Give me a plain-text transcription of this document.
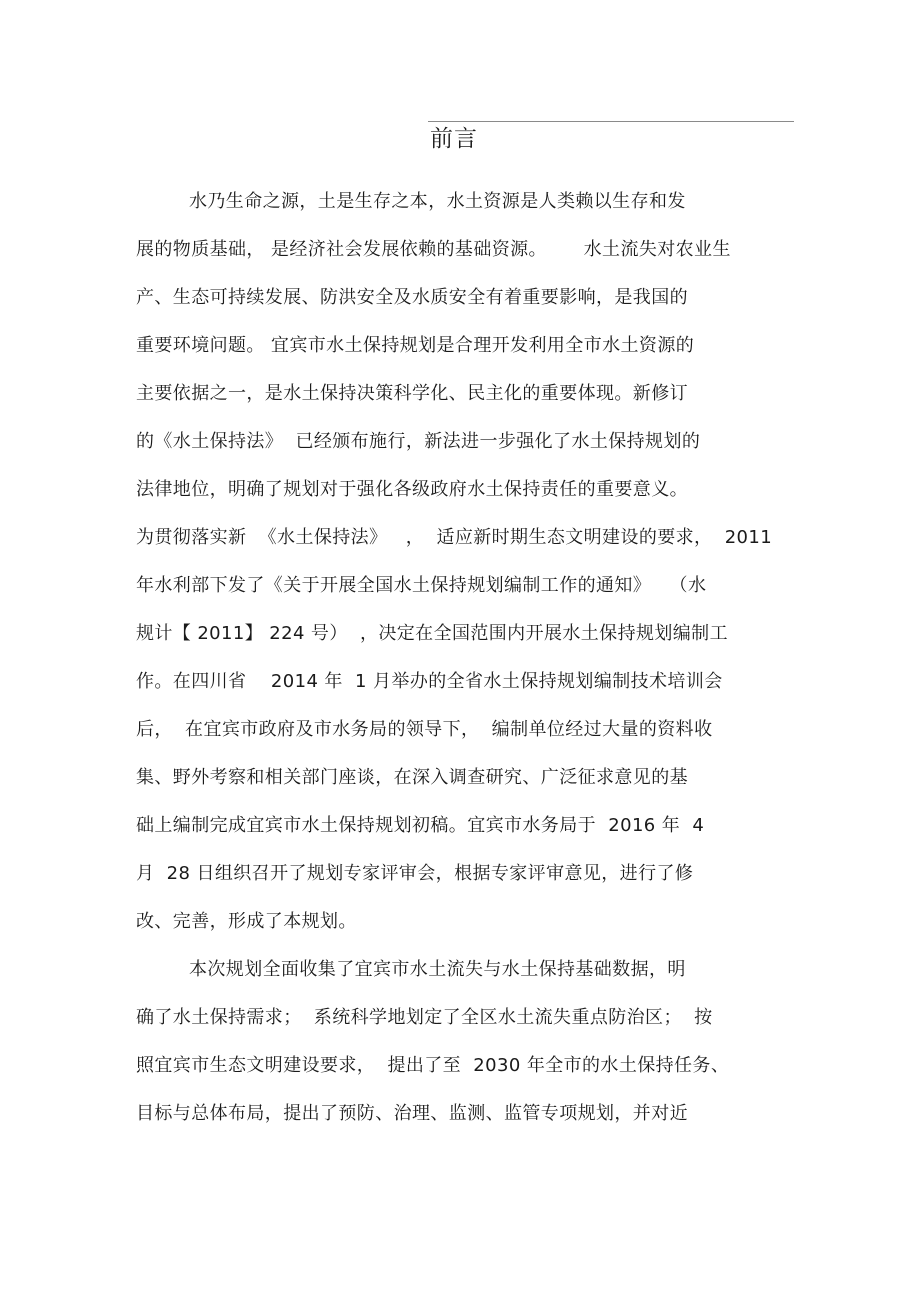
前言
水乃生命之源，土是生存之本，水土资源是人类赖以生存和发
展的物质基础， 是经济社会发展依赖的基础资源。      水土流失对农业生
产、生态可持续发展、防洪安全及水质安全有着重要影响，是我国的
重要环境问题。 宜宾市水土保持规划是合理开发利用全市水土资源的
主要依据之一，是水土保持决策科学化、民主化的重要体现。新修订
的《水土保持法》  已经颁布施行，新法进一步强化了水土保持规划的
法律地位，明确了规划对于强化各级政府水土保持责任的重要意义。
为贯彻落实新  《水土保持法》   ，  适应新时期生态文明建设的要求，  2011
年水利部下发了《关于开展全国水土保持规划编制工作的通知》   （水
规计【 2011】 224 号）  ，决定在全国范围内开展水土保持规划编制工
作。在四川省    2014 年  1 月举办的全省水土保持规划编制技术培训会
后，  在宜宾市政府及市水务局的领导下，  编制单位经过大量的资料收
集、野外考察和相关部门座谈，在深入调查研究、广泛征求意见的基
础上编制完成宜宾市水土保持规划初稿。宜宾市水务局于  2016 年  4
月  28 日组织召开了规划专家评审会，根据专家评审意见，进行了修
改、完善，形成了本规划。
本次规划全面收集了宜宾市水土流失与水土保持基础数据，明
确了水土保持需求；  系统科学地划定了全区水土流失重点防治区；  按
照宜宾市生态文明建设要求，  提出了至  2030 年全市的水土保持任务、
目标与总体布局，提出了预防、治理、监测、监管专项规划，并对近
